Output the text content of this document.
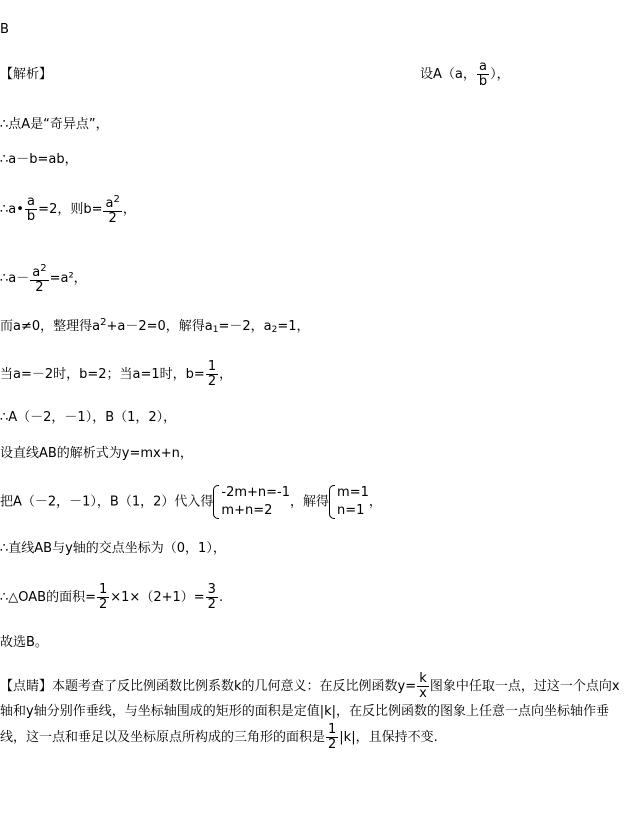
B
【解析】	设A（a， $\frac{a}{b}$ ），
∴点A是“奇异点”，
∴a－b=ab，
∴a• $\frac{a}{b} =2$，则$b= \frac{a^2}{2}$ ，
∴a－ $\frac{a^2}{2} =a^2$，
而a≠0，整理得$a^2+a-2=0$，解得$a_1=-2$，$a_2=1$，
当a=－2时，b=2；当a=1时，$b= \frac{1}{2}$ ，
∴A（－2，－1），B（1，2），
设直线AB的解析式为y=mx+n，
把A（－2，－1），B（1，2）代入得
-2m+n=-1
m+n=2
，解得
m=1
n=1
，
∴直线AB与y轴的交点坐标为（0，1），
∴△OAB的面积= $\frac{1}{2} \times 1\times(2+1)= \frac{3}{2}$ .
故选B。
【点睛】本题考查了反比例函数比例系数k的几何意义：在反比例函数$y= \frac{k}{x}$ 图象中任取一点，过这一个点向x轴和y轴分别作垂线，与坐标轴围成的矩形的面积是定值|k|，在反比例函数的图象上任意一点向坐标轴作垂线，这一点和垂足以及坐标原点所构成的三角形的面积是 $\frac{1}{2} |k|$，且保持不变.
